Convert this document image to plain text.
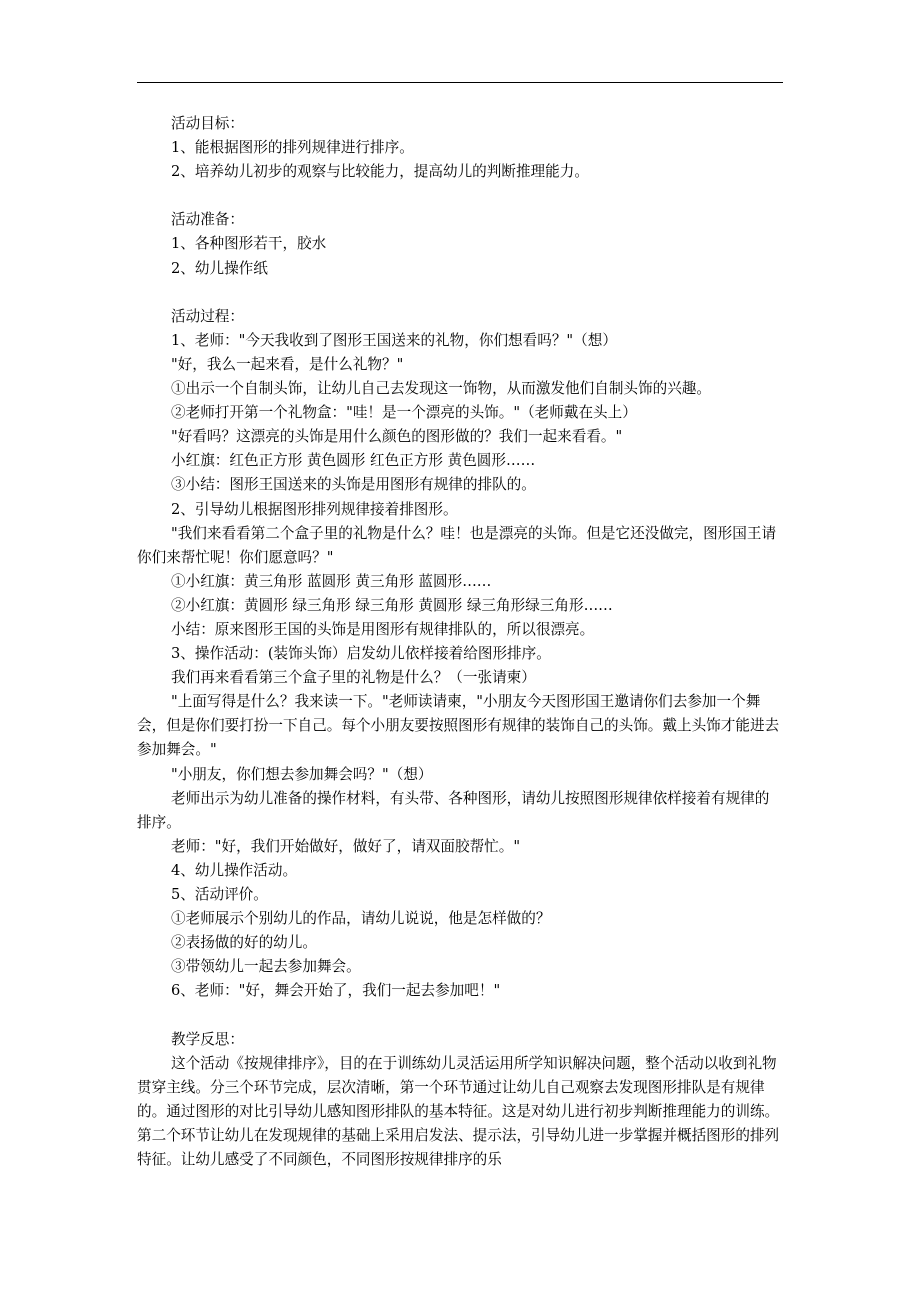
活动目标：

1、能根据图形的排列规律进行排序。

2、培养幼儿初步的观察与比较能力，提高幼儿的判断推理能力。

活动准备：

1、各种图形若干，胶水

2、幼儿操作纸

活动过程：

1、老师："今天我收到了图形王国送来的礼物，你们想看吗？"（想）

"好，我么一起来看，是什么礼物？"

①出示一个自制头饰，让幼儿自己去发现这一饰物，从而激发他们自制头饰的兴趣。

②老师打开第一个礼物盒："哇！是一个漂亮的头饰。"（老师戴在头上）

"好看吗？这漂亮的头饰是用什么颜色的图形做的？我们一起来看看。"

小红旗：红色正方形 黄色圆形 红色正方形 黄色圆形……

③小结：图形王国送来的头饰是用图形有规律的排队的。

2、引导幼儿根据图形排列规律接着排图形。

"我们来看看第二个盒子里的礼物是什么？哇！也是漂亮的头饰。但是它还没做完，图形国王请你们来帮忙呢！你们愿意吗？"

①小红旗：黄三角形 蓝圆形 黄三角形 蓝圆形……

②小红旗：黄圆形 绿三角形 绿三角形 黄圆形 绿三角形绿三角形……

小结：原来图形王国的头饰是用图形有规律排队的，所以很漂亮。

3、操作活动：(装饰头饰）启发幼儿依样接着给图形排序。

我们再来看看第三个盒子里的礼物是什么？（一张请柬）

"上面写得是什么？我来读一下。"老师读请柬，"小朋友今天图形国王邀请你们去参加一个舞会，但是你们要打扮一下自己。每个小朋友要按照图形有规律的装饰自己的头饰。戴上头饰才能进去参加舞会。"

"小朋友，你们想去参加舞会吗？"（想）

老师出示为幼儿准备的操作材料，有头带、各种图形，请幼儿按照图形规律依样接着有规律的排序。

老师："好，我们开始做好，做好了，请双面胶帮忙。"

4、幼儿操作活动。

5、活动评价。

①老师展示个别幼儿的作品，请幼儿说说，他是怎样做的？

②表扬做的好的幼儿。

③带领幼儿一起去参加舞会。

6、老师："好，舞会开始了，我们一起去参加吧！"

教学反思：

这个活动《按规律排序》，目的在于训练幼儿灵活运用所学知识解决问题，整个活动以收到礼物贯穿主线。分三个环节完成，层次清晰，第一个环节通过让幼儿自己观察去发现图形排队是有规律的。通过图形的对比引导幼儿感知图形排队的基本特征。这是对幼儿进行初步判断推理能力的训练。第二个环节让幼儿在发现规律的基础上采用启发法、提示法，引导幼儿进一步掌握并概括图形的排列特征。让幼儿感受了不同颜色，不同图形按规律排序的乐
